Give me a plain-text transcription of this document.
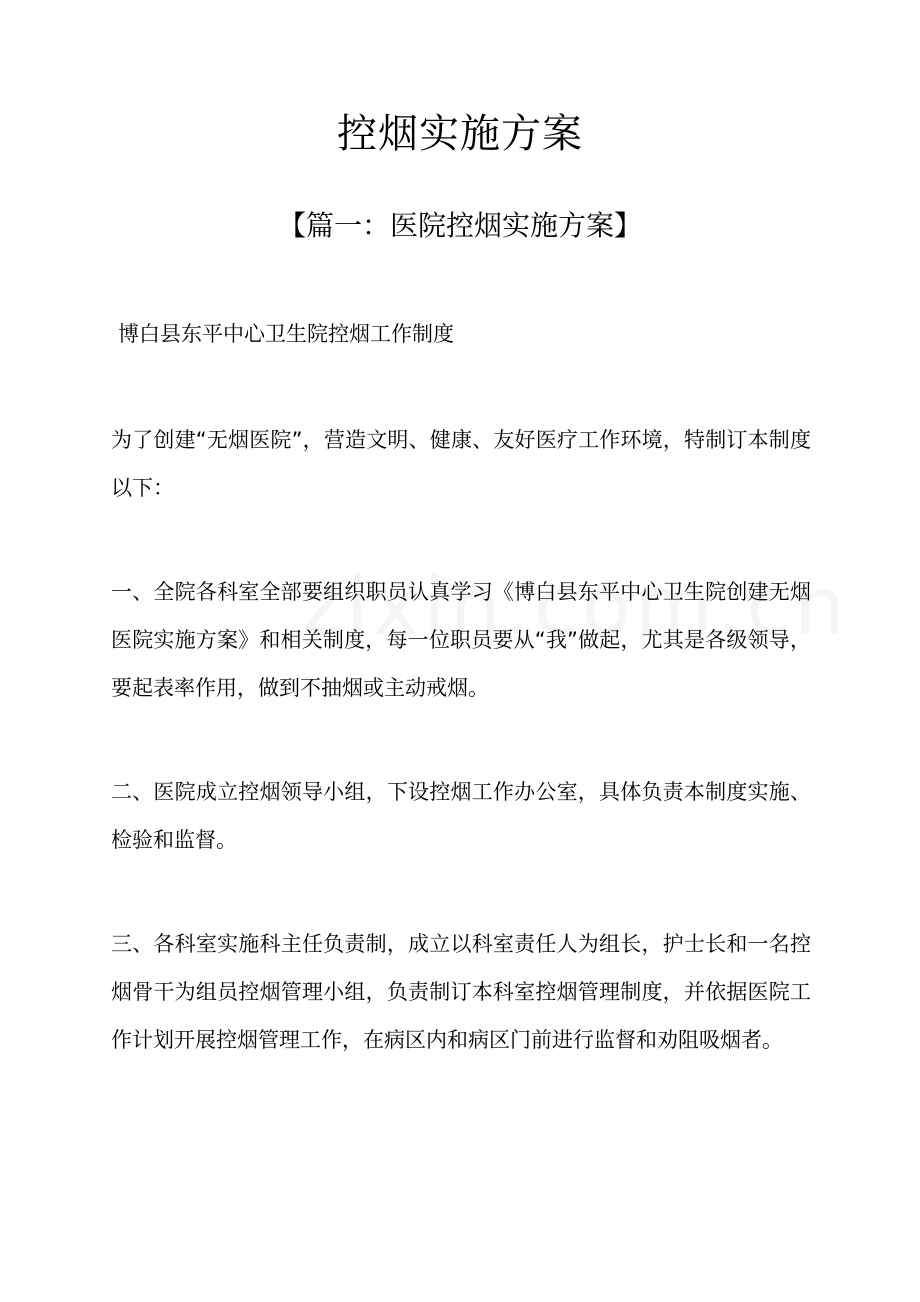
控烟实施方案
【篇一：医院控烟实施方案】
博白县东平中心卫生院控烟工作制度

为了创建“无烟医院”，营造文明、健康、友好医疗工作环境，特制订本制度以下：

一、全院各科室全部要组织职员认真学习《博白县东平中心卫生院创建无烟医院实施方案》和相关制度，每一位职员要从“我”做起，尤其是各级领导，要起表率作用，做到不抽烟或主动戒烟。

二、医院成立控烟领导小组，下设控烟工作办公室，具体负责本制度实施、检验和监督。

三、各科室实施科主任负责制，成立以科室责任人为组长，护士长和一名控烟骨干为组员控烟管理小组，负责制订本科室控烟管理制度，并依据医院工作计划开展控烟管理工作，在病区内和病区门前进行监督和劝阻吸烟者。
